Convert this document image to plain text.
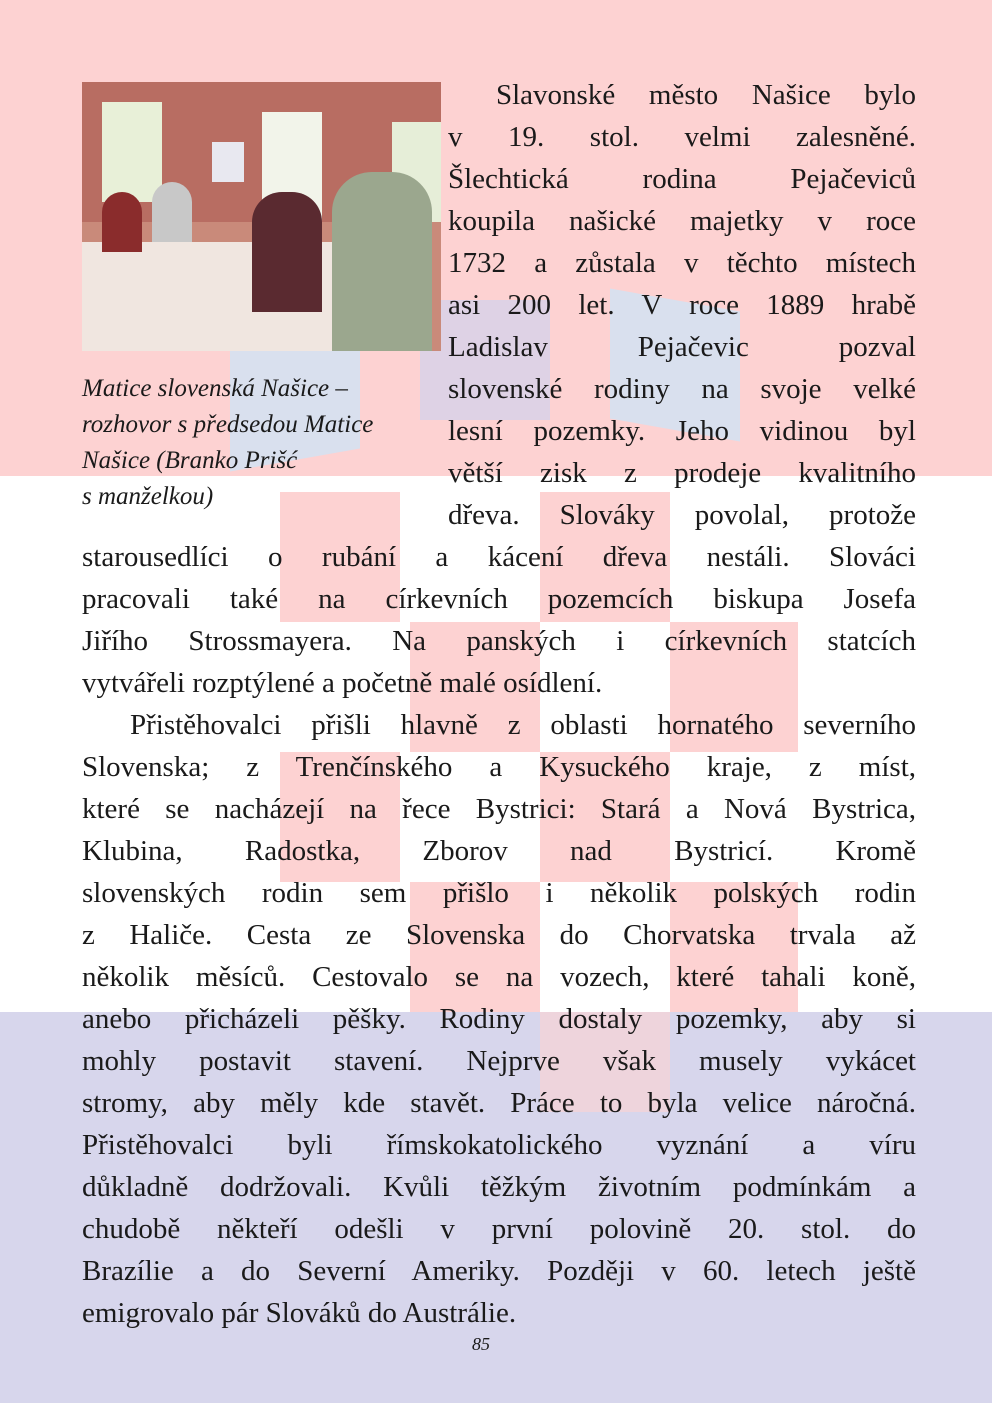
Matice slovenská Našice –
rozhovor s předsedou Matice
Našice (Branko Prišć
s manželkou)
Slavonské město Našice bylo
v 19. stol. velmi zalesněné.
Šlechtická rodina Pejačeviců
koupila našické majetky v roce
1732 a zůstala v těchto místech
asi 200 let. V roce 1889 hrabě
Ladislav Pejačevic pozval
slovenské rodiny na svoje velké
lesní pozemky. Jeho vidinou byl
větší zisk z prodeje kvalitního
dřeva. Slováky povolal, protože
starousedlíci o rubání a kácení dřeva nestáli. Slováci
pracovali také na církevních pozemcích biskupa Josefa
Jiřího Strossmayera. Na panských i církevních statcích
vytvářeli rozptýlené a početně malé osídlení.
Přistěhovalci přišli hlavně z oblasti hornatého severního
Slovenska; z Trenčínského a Kysuckého kraje, z míst,
které se nacházejí na řece Bystrici: Stará a Nová Bystrica,
Klubina, Radostka, Zborov nad Bystricí. Kromě
slovenských rodin sem přišlo i několik polských rodin
z Haliče. Cesta ze Slovenska do Chorvatska trvala až
několik měsíců. Cestovalo se na vozech, které tahali koně,
anebo přicházeli pěšky. Rodiny dostaly pozemky, aby si
mohly postavit stavení. Nejprve však musely vykácet
stromy, aby měly kde stavět. Práce to byla velice náročná.
Přistěhovalci byli římskokatolického vyznání a víru
důkladně dodržovali. Kvůli těžkým životním podmínkám a
chudobě někteří odešli v první polovině 20. stol. do
Brazílie a do Severní Ameriky. Později v 60. letech ještě
emigrovalo pár Slováků do Austrálie.
85
